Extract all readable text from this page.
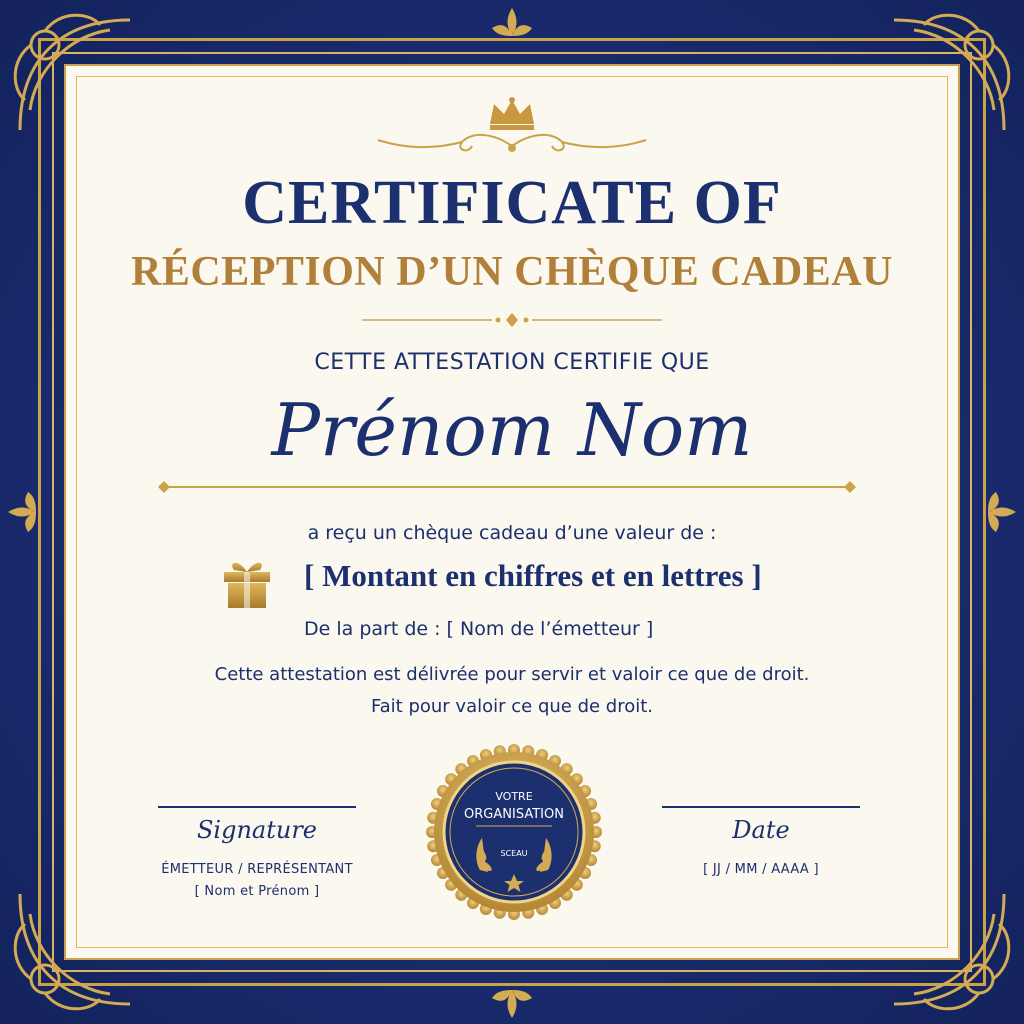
CERTIFICATE OF
RÉCEPTION D’UN CHÈQUE CADEAU
CETTE ATTESTATION CERTIFIE QUE
Prénom Nom
a reçu un chèque cadeau d’une valeur de :
[ Montant en chiffres et en lettres ]
De la part de : [ Nom de l’émetteur ]
Cette attestation est délivrée pour servir et valoir ce que de droit.
Fait pour valoir ce que de droit.
Signature
ÉMETTEUR / REPRÉSENTANT
[ Nom et Prénom ]
Date
[ JJ / MM / AAAA ]
VOTRE
ORGANISATION
SCEAU
